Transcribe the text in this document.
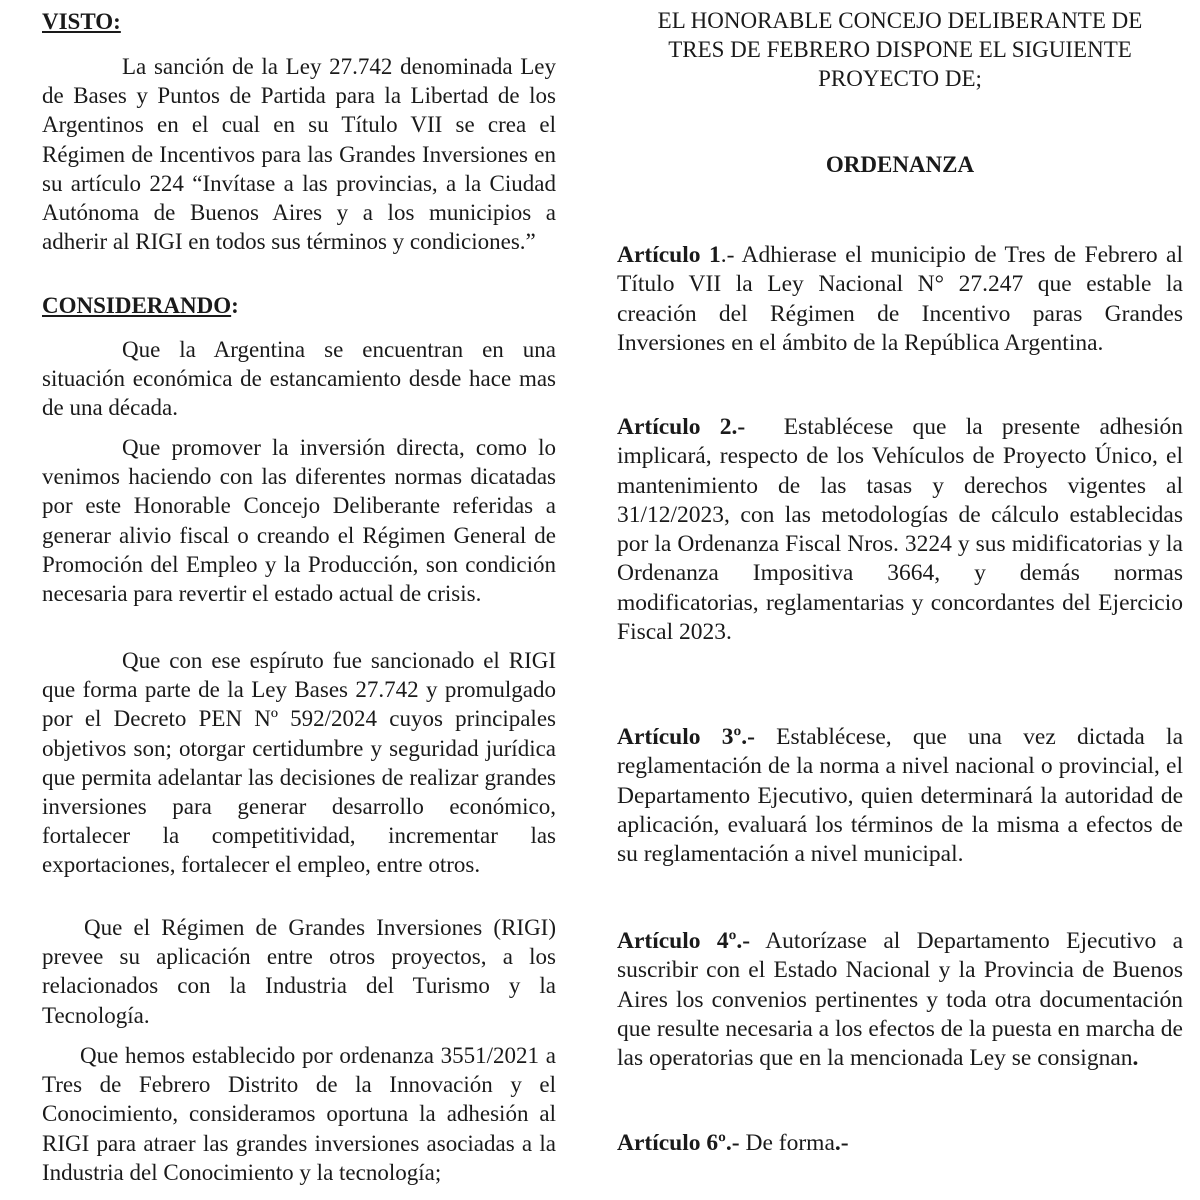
VISTO:

La sanción de la Ley 27.742 denominada Ley de Bases y Puntos de Partida para la Libertad de los Argentinos en el cual en su Título VII se crea el Régimen de Incentivos para las Grandes Inversiones en su artículo 224 “Invítase a las provincias, a la Ciudad Autónoma de Buenos Aires y a los municipios a adherir al RIGI en todos sus términos y condiciones.”

CONSIDERANDO:

Que la Argentina se encuentran en una situación económica de estancamiento desde hace mas de una década.

Que promover la inversión directa, como lo venimos haciendo con las diferentes normas dicatadas por este Honorable Concejo Deliberante referidas a generar alivio fiscal o creando el Régimen General de Promoción del Empleo y la Producción, son condición necesaria para revertir el estado actual de crisis.

Que con ese espíruto fue sancionado el RIGI que forma parte de la Ley Bases 27.742 y promulgado por el Decreto PEN Nº 592/2024 cuyos principales objetivos son; otorgar certidumbre y seguridad jurídica que permita adelantar las decisiones de realizar grandes inversiones para generar desarrollo económico, fortalecer la competitividad, incrementar las exportaciones, fortalecer el empleo, entre otros.

Que el Régimen de Grandes Inversiones (RIGI) prevee su aplicación entre otros proyectos, a los relacionados con la Industria del Turismo y la Tecnología.

Que hemos establecido por ordenanza 3551/2021 a Tres de Febrero Distrito de la Innovación y el Conocimiento, consideramos oportuna la adhesión al RIGI para atraer las grandes inversiones asociadas a la Industria del Conocimiento y la tecnología;

EL HONORABLE CONCEJO DELIBERANTE DE
TRES DE FEBRERO DISPONE EL SIGUIENTE
PROYECTO DE;

ORDENANZA

Artículo 1.- Adhierase el municipio de Tres de Febrero al Título VII la Ley Nacional N° 27.247 que estable la creación del Régimen de Incentivo paras Grandes Inversiones en el ámbito de la República Argentina.

Artículo 2.-  Establécese que la presente adhesión implicará, respecto de los Vehículos de Proyecto Único, el mantenimiento de las tasas y derechos vigentes al 31/12/2023, con las metodologías de cálculo establecidas por la Ordenanza Fiscal Nros. 3224 y sus midificatorias y la Ordenanza Impositiva 3664, y demás normas modificatorias, reglamentarias y concordantes del Ejercicio Fiscal 2023.

Artículo 3º.- Establécese, que una vez dictada la reglamentación de la norma a nivel nacional o provincial, el Departamento Ejecutivo, quien determinará la autoridad de aplicación, evaluará los términos de la misma a efectos de su reglamentación a nivel municipal.

Artículo 4º.- Autorízase al Departamento Ejecutivo a suscribir con el Estado Nacional y la Provincia de Buenos Aires los convenios pertinentes y toda otra documentación que resulte necesaria a los efectos de la puesta en marcha de las operatorias que en la mencionada Ley se consignan.

Artículo 6º.- De forma.-
